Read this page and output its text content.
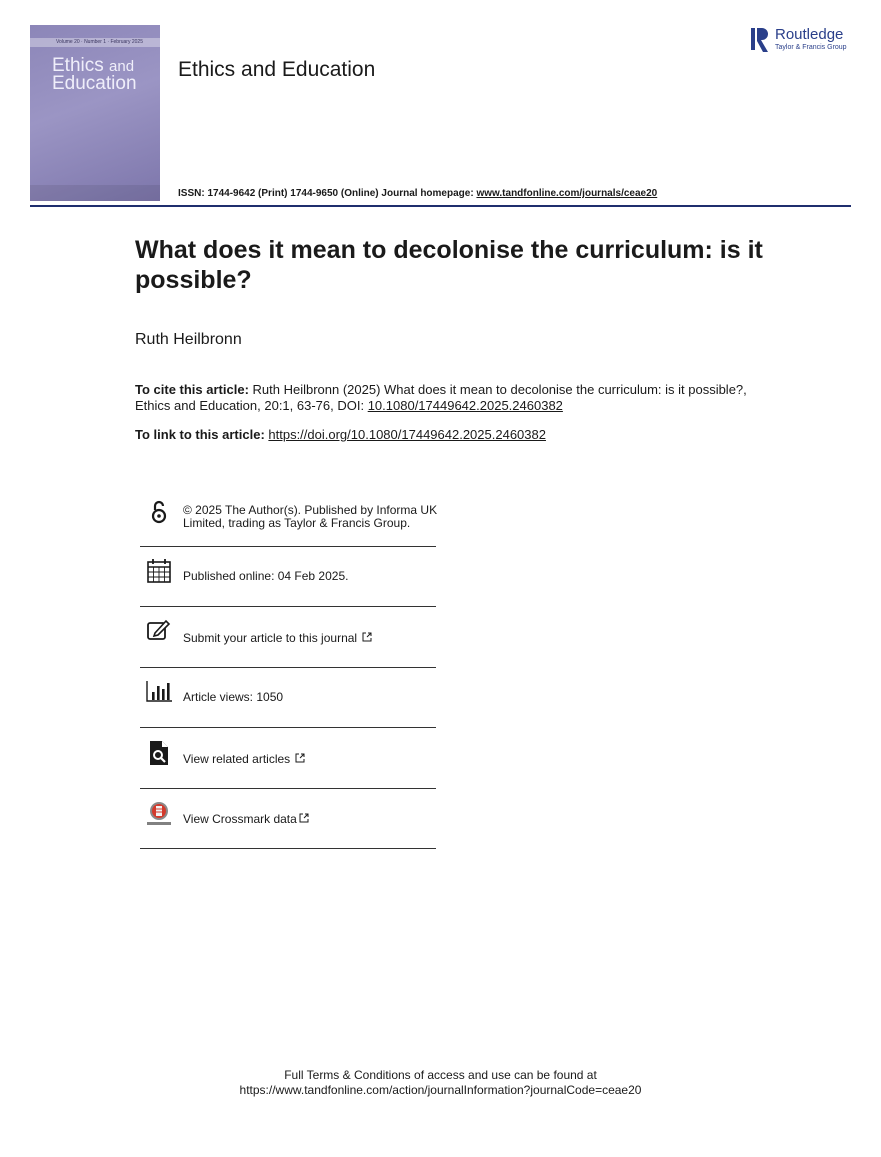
Volume 20 · Number 1 · February 2025
Ethics and
Education
Ethics and Education
Routledge
Taylor & Francis Group
ISSN: 1744-9642 (Print) 1744-9650 (Online) Journal homepage: www.tandfonline.com/journals/ceae20
What does it mean to decolonise the curriculum: is it possible?
Ruth Heilbronn
To cite this article: Ruth Heilbronn (2025) What does it mean to decolonise the curriculum: is it possible?, Ethics and Education, 20:1, 63-76, DOI: 10.1080/17449642.2025.2460382
To link to this article: https://doi.org/10.1080/17449642.2025.2460382
© 2025 The Author(s). Published by Informa UK Limited, trading as Taylor & Francis Group.
Published online: 04 Feb 2025.
Submit your article to this journal
Article views: 1050
View related articles
View Crossmark data
Full Terms & Conditions of access and use can be found at
https://www.tandfonline.com/action/journalInformation?journalCode=ceae20
